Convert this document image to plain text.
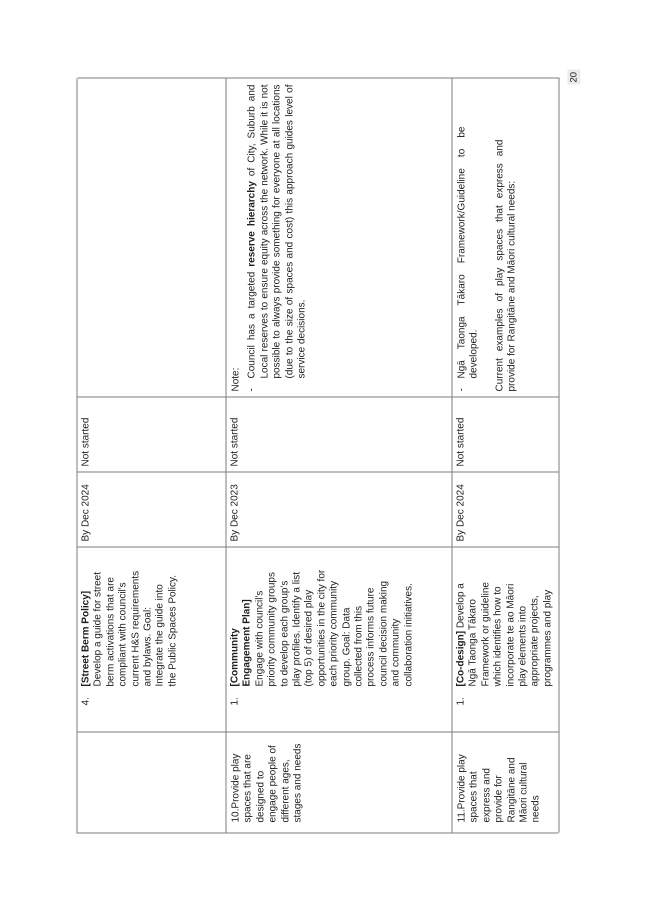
4.
[Street Berm Policy] Develop a guide for street berm activations that are compliant with council's current H&S requirements and bylaws. Goal: Integrate the guide into the Public Spaces Policy.
By Dec 2024
Not started
10.Provide play spaces that are designed to engage people of different ages, stages and needs
1.
[Community Engagement Plan] Engage with council's priority community groups to develop each group's play profiles. Identify a list (top 5) of desired play opportunities in the city for each priority community group. Goal: Data collected from this process informs future council decision making and community collaboration initiatives.
By Dec 2023
Not started
Note: -
Council has a targeted reserve hierarchy of City, Suburb and Local reserves to ensure equity across the network. While it is not possible to always provide something for everyone at all locations (due to the size of spaces and cost) this approach guides level of service decisions.
11.Provide play spaces that express and provide for Rangitāne and Māori cultural needs
1.
[Co-design] Develop a Ngā Taonga Tākaro Framework or guideline which identifies how to incorporate te ao Māori play elements into appropriate projects, programmes and play
By Dec 2024
Not started
-
Ngā Taonga Tākaro Framework/Guideline to be developed. Current examples of play spaces that express and provide for Rangitāne and Māori cultural needs:
20
